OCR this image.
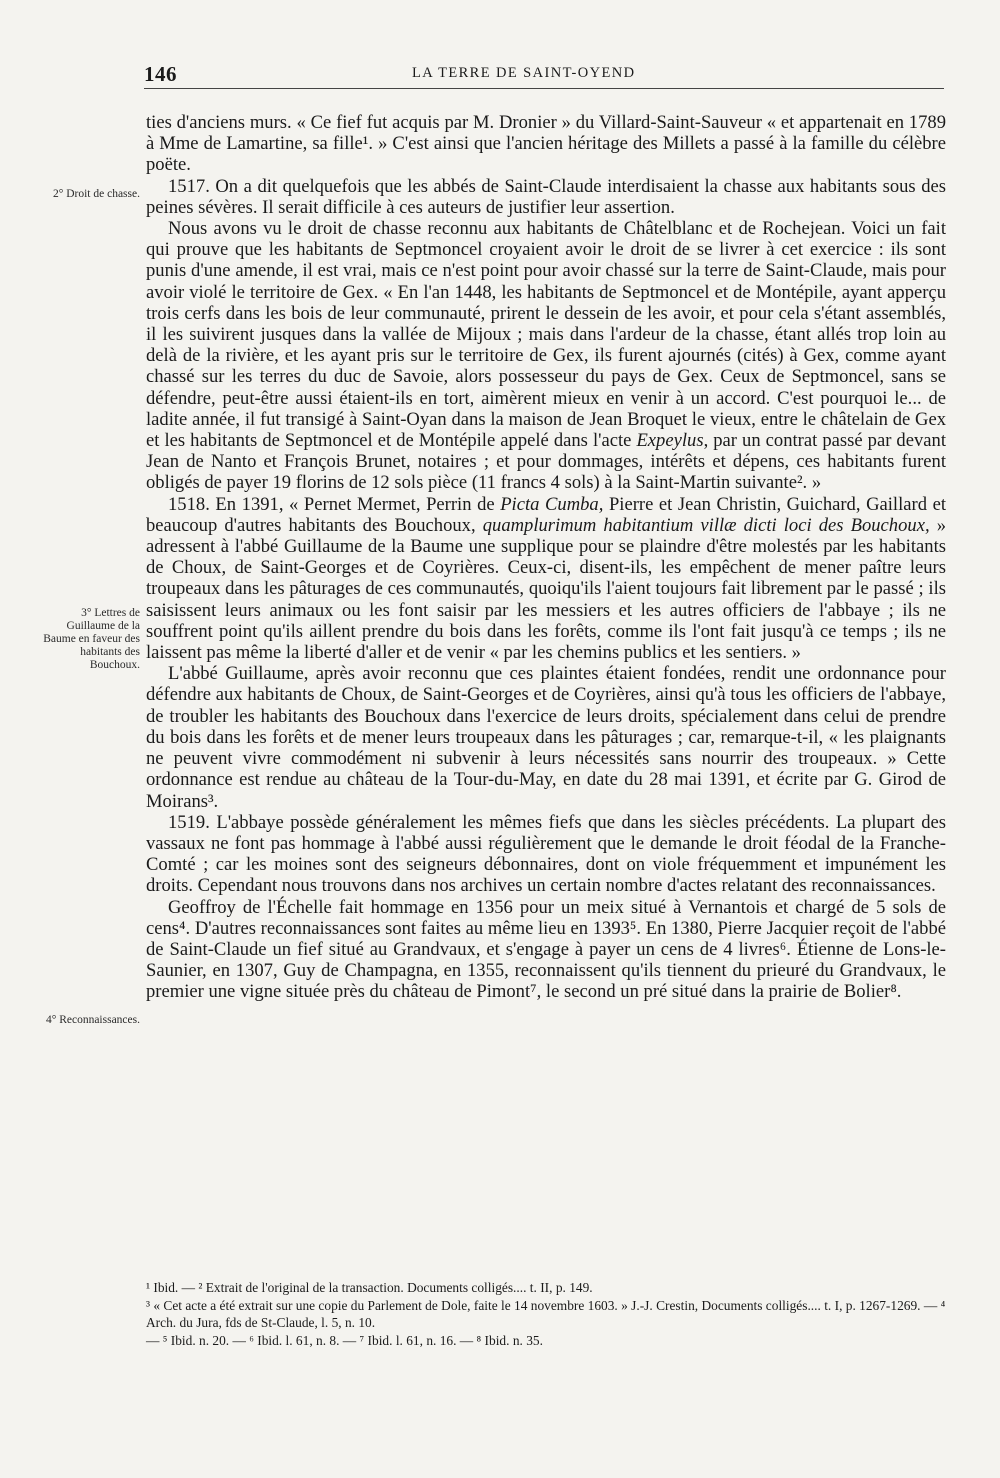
146	LA TERRE DE SAINT-OYEND
2° Droit de chasse.
3° Lettres de Guillaume de la Baume en faveur des habitants des Bouchoux.
4° Reconnaissances.

ties d'anciens murs. « Ce fief fut acquis par M. Dronier » du Villard-Saint-Sauveur « et appartenait en 1789 à Mme de Lamartine, sa fille¹. » C'est ainsi que l'ancien héritage des Millets a passé à la famille du célèbre poëte.

1517. On a dit quelquefois que les abbés de Saint-Claude interdisaient la chasse aux habitants sous des peines sévères. Il serait difficile à ces auteurs de justifier leur assertion.

Nous avons vu le droit de chasse reconnu aux habitants de Châtelblanc et de Rochejean. Voici un fait qui prouve que les habitants de Septmoncel croyaient avoir le droit de se livrer à cet exercice : ils sont punis d'une amende, il est vrai, mais ce n'est point pour avoir chassé sur la terre de Saint-Claude, mais pour avoir violé le territoire de Gex. « En l'an 1448, les habitants de Septmoncel et de Montépile, ayant apperçu trois cerfs dans les bois de leur communauté, prirent le dessein de les avoir, et pour cela s'étant assemblés, il les suivirent jusques dans la vallée de Mijoux ; mais dans l'ardeur de la chasse, étant allés trop loin au delà de la rivière, et les ayant pris sur le territoire de Gex, ils furent ajournés (cités) à Gex, comme ayant chassé sur les terres du duc de Savoie, alors possesseur du pays de Gex. Ceux de Septmoncel, sans se défendre, peut-être aussi étaient-ils en tort, aimèrent mieux en venir à un accord. C'est pourquoi le... de ladite année, il fut transigé à Saint-Oyan dans la maison de Jean Broquet le vieux, entre le châtelain de Gex et les habitants de Septmoncel et de Montépile appelé dans l'acte Expeylus, par un contrat passé par devant Jean de Nanto et François Brunet, notaires ; et pour dommages, intérêts et dépens, ces habitants furent obligés de payer 19 florins de 12 sols pièce (11 francs 4 sols) à la Saint-Martin suivante². »

1518. En 1391, « Pernet Mermet, Perrin de Picta Cumba, Pierre et Jean Christin, Guichard, Gaillard et beaucoup d'autres habitants des Bouchoux, quamplurimum habitantium villæ dicti loci des Bouchoux, » adressent à l'abbé Guillaume de la Baume une supplique pour se plaindre d'être molestés par les habitants de Choux, de Saint-Georges et de Coyrières. Ceux-ci, disent-ils, les empêchent de mener paître leurs troupeaux dans les pâturages de ces communautés, quoiqu'ils l'aient toujours fait librement par le passé ; ils saisissent leurs animaux ou les font saisir par les messiers et les autres officiers de l'abbaye ; ils ne souffrent point qu'ils aillent prendre du bois dans les forêts, comme ils l'ont fait jusqu'à ce temps ; ils ne laissent pas même la liberté d'aller et de venir « par les chemins publics et les sentiers. »

L'abbé Guillaume, après avoir reconnu que ces plaintes étaient fondées, rendit une ordonnance pour défendre aux habitants de Choux, de Saint-Georges et de Coyrières, ainsi qu'à tous les officiers de l'abbaye, de troubler les habitants des Bouchoux dans l'exercice de leurs droits, spécialement dans celui de prendre du bois dans les forêts et de mener leurs troupeaux dans les pâturages ; car, remarque-t-il, « les plaignants ne peuvent vivre commodément ni subvenir à leurs nécessités sans nourrir des troupeaux. » Cette ordonnance est rendue au château de la Tour-du-May, en date du 28 mai 1391, et écrite par G. Girod de Moirans³.

1519. L'abbaye possède généralement les mêmes fiefs que dans les siècles précédents. La plupart des vassaux ne font pas hommage à l'abbé aussi régulièrement que le demande le droit féodal de la Franche-Comté ; car les moines sont des seigneurs débonnaires, dont on viole fréquemment et impunément les droits. Cependant nous trouvons dans nos archives un certain nombre d'actes relatant des reconnaissances.

Geoffroy de l'Échelle fait hommage en 1356 pour un meix situé à Vernantois et chargé de 5 sols de cens⁴. D'autres reconnaissances sont faites au même lieu en 1393⁵. En 1380, Pierre Jacquier reçoit de l'abbé de Saint-Claude un fief situé au Grandvaux, et s'engage à payer un cens de 4 livres⁶. Étienne de Lons-le-Saunier, en 1307, Guy de Champagna, en 1355, reconnaissent qu'ils tiennent du prieuré du Grandvaux, le premier une vigne située près du château de Pimont⁷, le second un pré situé dans la prairie de Bolier⁸.

¹ Ibid. — ² Extrait de l'original de la transaction. Documents colligés.... t. II, p. 149.
³ « Cet acte a été extrait sur une copie du Parlement de Dole, faite le 14 novembre 1603. » J.-J. Crestin, Documents colligés.... t. I, p. 1267-1269. — ⁴ Arch. du Jura, fds de St-Claude, l. 5, n. 10.
— ⁵ Ibid. n. 20. — ⁶ Ibid. l. 61, n. 8. — ⁷ Ibid. l. 61, n. 16. — ⁸ Ibid. n. 35.
